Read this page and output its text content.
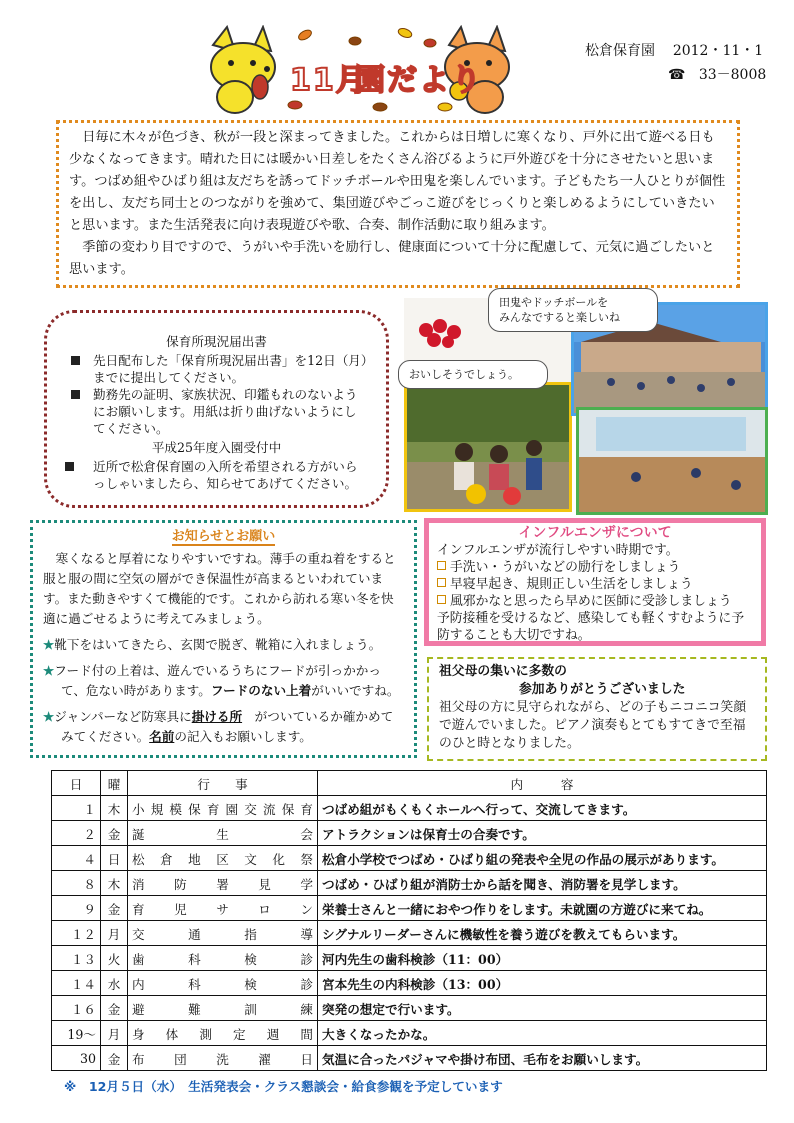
11月
園だより
松倉保育園 2012・11・1
☎ 33－8008

日毎に木々が色づき、秋が一段と深まってきました。これからは日増しに寒くなり、戸外に出て遊べる日も少なくなってきます。晴れた日には暖かい日差しをたくさん浴びるように戸外遊びを十分にさせたいと思います。つばめ組やひばり組は友だちを誘ってドッチボールや田鬼を楽しんでいます。子どもたち一人ひとりが個性を出し、友だち同士とのつながりを強めて、集団遊びやごっこ遊びをじっくりと楽しめるようにしていきたいと思います。また生活発表に向け表現遊びや歌、合奏、制作活動に取り組みます。

季節の変わり目ですので、うがいや手洗いを励行し、健康面について十分に配慮して、元気に過ごしたいと思います。

保育所現況届出書
先日配布した「保育所現況届出書」を12日（月）までに提出してください。
勤務先の証明、家族状況、印鑑もれのないようにお願いします。用紙は折り曲げないようにしてください。
平成25年度入園受付中
近所で松倉保育園の入所を希望される方がいらっしゃいましたら、知らせてあげてください。
おいしそうでしょう。
田鬼やドッチボールを
みんなですると楽しいね
お知らせとお願い

寒くなると厚着になりやすいですね。薄手の重ね着をすると服と服の間に空気の層ができ保温性が高まるといわれています。また動きやすくて機能的です。これから訪れる寒い冬を快適に過ごせるように考えてみましょう。

★靴下をはいてきたら、玄関で脱ぎ、靴箱に入れましょう。
★フード付の上着は、遊んでいるうちにフードが引っかかって、危ない時があります。フードのない上着がいいですね。
★ジャンパーなど防寒具に掛ける所　がついているか確かめてみてください。名前の記入もお願いします。
インフルエンザについて
インフルエンザが流行しやすい時期です。
手洗い・うがいなどの励行をしましょう
早寝早起き、規則正しい生活をしましょう
風邪かなと思ったら早めに医師に受診しましょう
予防接種を受けるなど、感染しても軽くすむように予防することも大切ですね。
祖父母の集いに多数の
参加ありがとうございました
祖父母の方に見守られながら、どの子もニコニコ笑顔で遊んでいました。ピアノ演奏もとてもすてきで至福のひと時となりました。
日	曜	行　　事	内　　　容
１	木	小規模保育園交流保育	つばめ組がもくもくホールへ行って、交流してきます。
２	金	誕生会	アトラクションは保育士の合奏です。
４	日	松倉地区文化祭	松倉小学校でつばめ・ひばり組の発表や全児の作品の展示があります。
８	木	消防署見学	つばめ・ひばり組が消防士から話を聞き、消防署を見学します。
９	金	育児サロン	栄養士さんと一緒におやつ作りをします。未就園の方遊びに来てね。
１２	月	交通指導	シグナルリーダーさんに機敏性を養う遊びを教えてもらいます。
１３	火	歯科検診	河内先生の歯科検診（11：00）
１４	水	内科検診	宮本先生の内科検診（13：00）
１６	金	避難訓練	突発の想定で行います。
19～	月	身体測定週間	大きくなったかな。
30	金	布団洗濯日	気温に合ったパジャマや掛け布団、毛布をお願いします。
※　12月５日（水）　生活発表会・クラス懇談会・給食参観を予定しています
